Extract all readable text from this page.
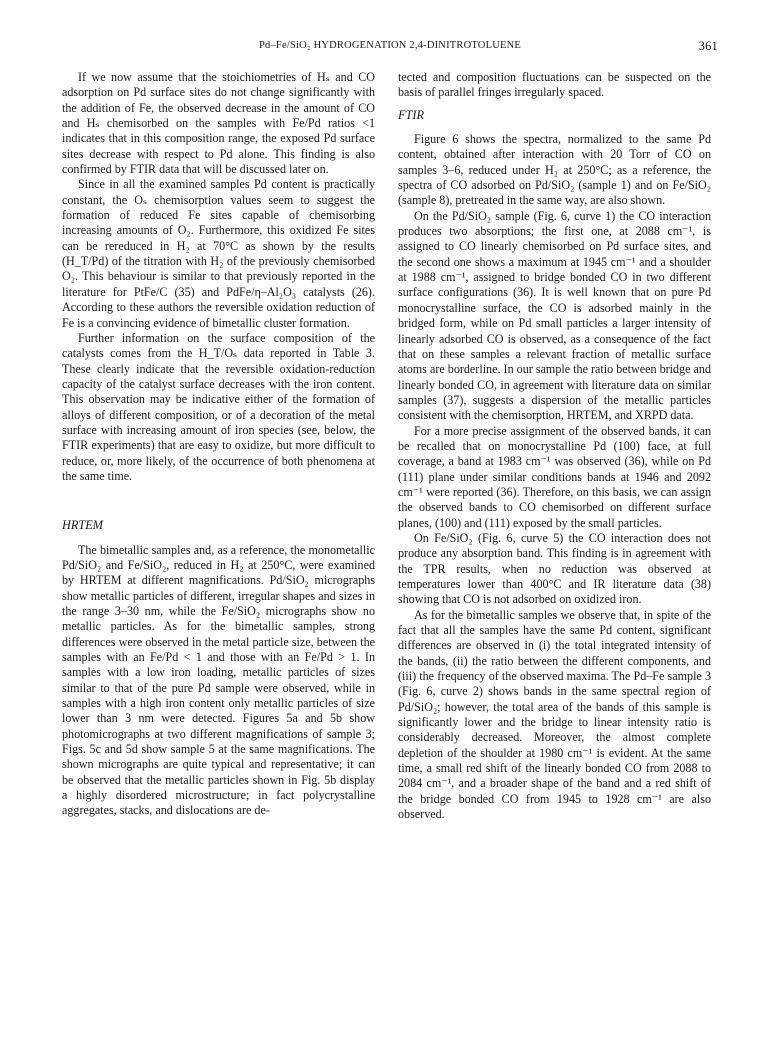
Pd–Fe/SiO₂ HYDROGENATION 2,4-DINITROTOLUENE	361

If we now assume that the stoichiometries of Hₛ and CO adsorption on Pd surface sites do not change significantly with the addition of Fe, the observed decrease in the amount of CO and Hₛ chemisorbed on the samples with Fe/Pd ratios <1 indicates that in this composition range, the exposed Pd surface sites decrease with respect to Pd alone. This finding is also confirmed by FTIR data that will be discussed later on.

Since in all the examined samples Pd content is practically constant, the Oₛ chemisorption values seem to suggest the formation of reduced Fe sites capable of chemisorbing increasing amounts of O₂. Furthermore, this oxidized Fe sites can be rereduced in H₂ at 70°C as shown by the results (H_T/Pd) of the titration with H₂ of the previously chemisorbed O₂. This behaviour is similar to that previously reported in the literature for PtFe/C (35) and PdFe/η–Al₂O₃ catalysts (26). According to these authors the reversible oxidation reduction of Fe is a convincing evidence of bimetallic cluster formation.

Further information on the surface composition of the catalysts comes from the H_T/Oₛ data reported in Table 3. These clearly indicate that the reversible oxidation-reduction capacity of the catalyst surface decreases with the iron content. This observation may be indicative either of the formation of alloys of different composition, or of a decoration of the metal surface with increasing amount of iron species (see, below, the FTIR experiments) that are easy to oxidize, but more difficult to reduce, or, more likely, of the occurrence of both phenomena at the same time.

HRTEM

The bimetallic samples and, as a reference, the monometallic Pd/SiO₂ and Fe/SiO₂, reduced in H₂ at 250°C, were examined by HRTEM at different magnifications. Pd/SiO₂ micrographs show metallic particles of different, irregular shapes and sizes in the range 3–30 nm, while the Fe/SiO₂ micrographs show no metallic particles. As for the bimetallic samples, strong differences were observed in the metal particle size, between the samples with an Fe/Pd < 1 and those with an Fe/Pd > 1. In samples with a low iron loading, metallic particles of sizes similar to that of the pure Pd sample were observed, while in samples with a high iron content only metallic particles of size lower than 3 nm were detected. Figures 5a and 5b show photomicrographs at two different magnifications of sample 3; Figs. 5c and 5d show sample 5 at the same magnifications. The shown micrographs are quite typical and representative; it can be observed that the metallic particles shown in Fig. 5b display a highly disordered microstructure; in fact polycrystalline aggregates, stacks, and dislocations are de-

tected and composition fluctuations can be suspected on the basis of parallel fringes irregularly spaced.

FTIR

Figure 6 shows the spectra, normalized to the same Pd content, obtained after interaction with 20 Torr of CO on samples 3–6, reduced under H₂ at 250°C; as a reference, the spectra of CO adsorbed on Pd/SiO₂ (sample 1) and on Fe/SiO₂ (sample 8), pretreated in the same way, are also shown.

On the Pd/SiO₂ sample (Fig. 6, curve 1) the CO interaction produces two absorptions; the first one, at 2088 cm⁻¹, is assigned to CO linearly chemisorbed on Pd surface sites, and the second one shows a maximum at 1945 cm⁻¹ and a shoulder at 1988 cm⁻¹, assigned to bridge bonded CO in two different surface configurations (36). It is well known that on pure Pd monocrystalline surface, the CO is adsorbed mainly in the bridged form, while on Pd small particles a larger intensity of linearly adsorbed CO is observed, as a consequence of the fact that on these samples a relevant fraction of metallic surface atoms are borderline. In our sample the ratio between bridge and linearly bonded CO, in agreement with literature data on similar samples (37), suggests a dispersion of the metallic particles consistent with the chemisorption, HRTEM, and XRPD data.

For a more precise assignment of the observed bands, it can be recalled that on monocrystalline Pd (100) face, at full coverage, a band at 1983 cm⁻¹ was observed (36), while on Pd (111) plane under similar conditions bands at 1946 and 2092 cm⁻¹ were reported (36). Therefore, on this basis, we can assign the observed bands to CO chemisorbed on different surface planes, (100) and (111) exposed by the small particles.

On Fe/SiO₂ (Fig. 6, curve 5) the CO interaction does not produce any absorption band. This finding is in agreement with the TPR results, when no reduction was observed at temperatures lower than 400°C and IR literature data (38) showing that CO is not adsorbed on oxidized iron.

As for the bimetallic samples we observe that, in spite of the fact that all the samples have the same Pd content, significant differences are observed in (i) the total integrated intensity of the bands, (ii) the ratio between the different components, and (iii) the frequency of the observed maxima. The Pd–Fe sample 3 (Fig. 6, curve 2) shows bands in the same spectral region of Pd/SiO₂; however, the total area of the bands of this sample is significantly lower and the bridge to linear intensity ratio is considerably decreased. Moreover, the almost complete depletion of the shoulder at 1980 cm⁻¹ is evident. At the same time, a small red shift of the linearly bonded CO from 2088 to 2084 cm⁻¹, and a broader shape of the band and a red shift of the bridge bonded CO from 1945 to 1928 cm⁻¹ are also observed.
